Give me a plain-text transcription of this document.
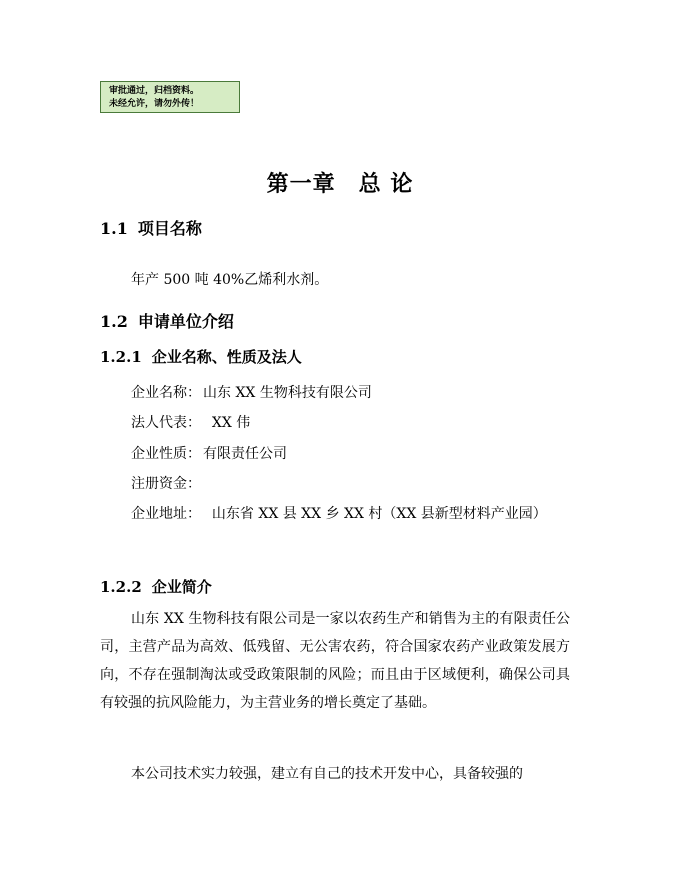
审批通过，归档资料。
未经允许，请勿外传！
第一章　总 论
1.1 项目名称
年产 500 吨 40%乙烯利水剂。
1.2 申请单位介绍
1.2.1 企业名称、性质及法人
企业名称： 山东 XX 生物科技有限公司
法人代表：  XX 伟
企业性质： 有限责任公司
注册资金：
企业地址：  山东省 XX 县 XX 乡 XX 村（XX 县新型材料产业园）
1.2.2 企业简介
山东 XX 生物科技有限公司是一家以农药生产和销售为主的有限责任公司，主营产品为高效、低残留、无公害农药，符合国家农药产业政策发展方向，不存在强制淘汰或受政策限制的风险；而且由于区域便利，确保公司具有较强的抗风险能力，为主营业务的增长奠定了基础。
本公司技术实力较强，建立有自己的技术开发中心，具备较强的
